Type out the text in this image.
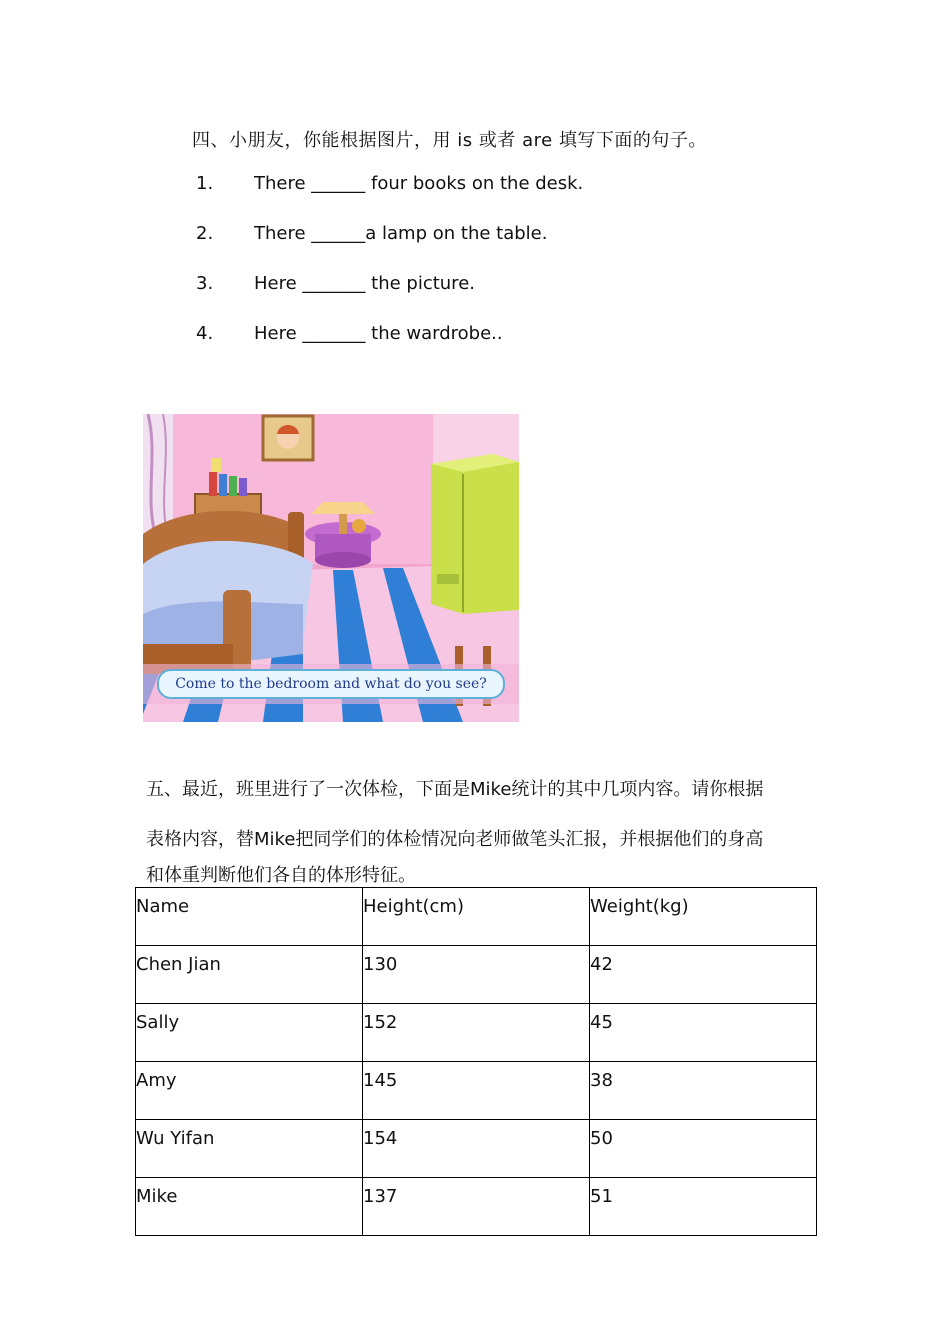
四、小朋友，你能根据图片，用 is 或者 are 填写下面的句子。
1. There ______ four books on the desk.
2. There ______a lamp on the table.
3. Here _______ the picture.
4. Here _______ the wardrobe..
Come to the bedroom and what do you see?
五、最近，班里进行了一次体检，下面是Mike统计的其中几项内容。请你根据
表格内容，替Mike把同学们的体检情况向老师做笔头汇报，并根据他们的身高
和体重判断他们各自的体形特征。
Name	Height(cm)	Weight(kg)
Chen Jian	130	42
Sally	152	45
Amy	145	38
Wu Yifan	154	50
Mike	137	51
